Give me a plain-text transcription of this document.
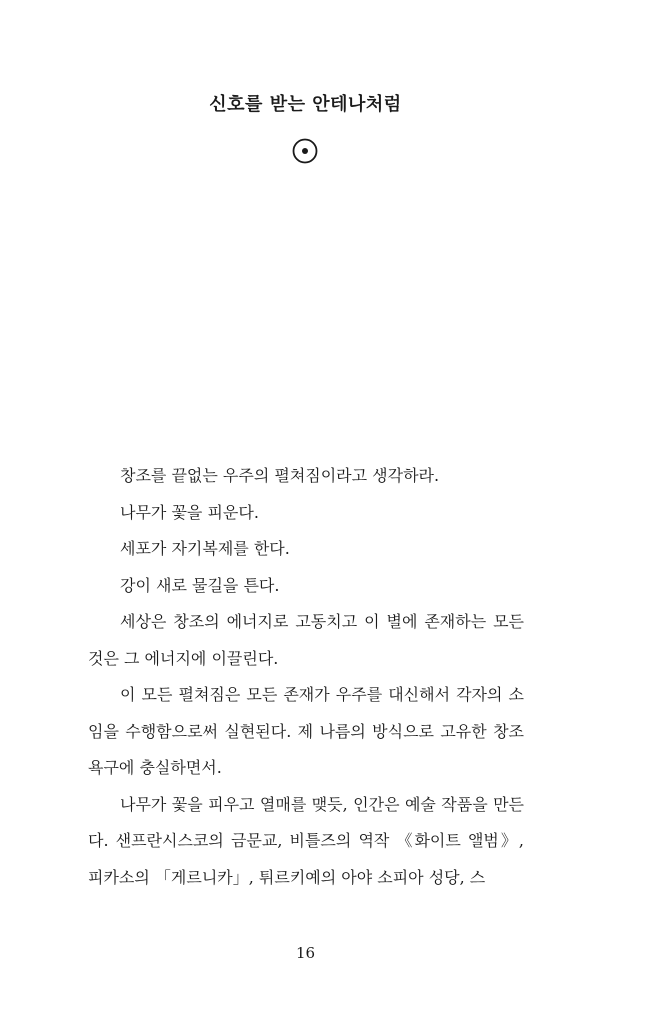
신호를 받는 안테나처럼

창조를 끝없는 우주의 펼쳐짐이라고 생각하라.

나무가 꽃을 피운다.

세포가 자기복제를 한다.

강이 새로 물길을 튼다.

세상은 창조의 에너지로 고동치고 이 별에 존재하는 모든 것은 그 에너지에 이끌린다.

이 모든 펼쳐짐은 모든 존재가 우주를 대신해서 각자의 소임을 수행함으로써 실현된다. 제 나름의 방식으로 고유한 창조 욕구에 충실하면서.

나무가 꽃을 피우고 열매를 맺듯, 인간은 예술 작품을 만든다. 샌프란시스코의 금문교, 비틀즈의 역작 《화이트 앨범》, 피카소의 「게르니카」, 튀르키예의 아야 소피아 성당, 스

16
